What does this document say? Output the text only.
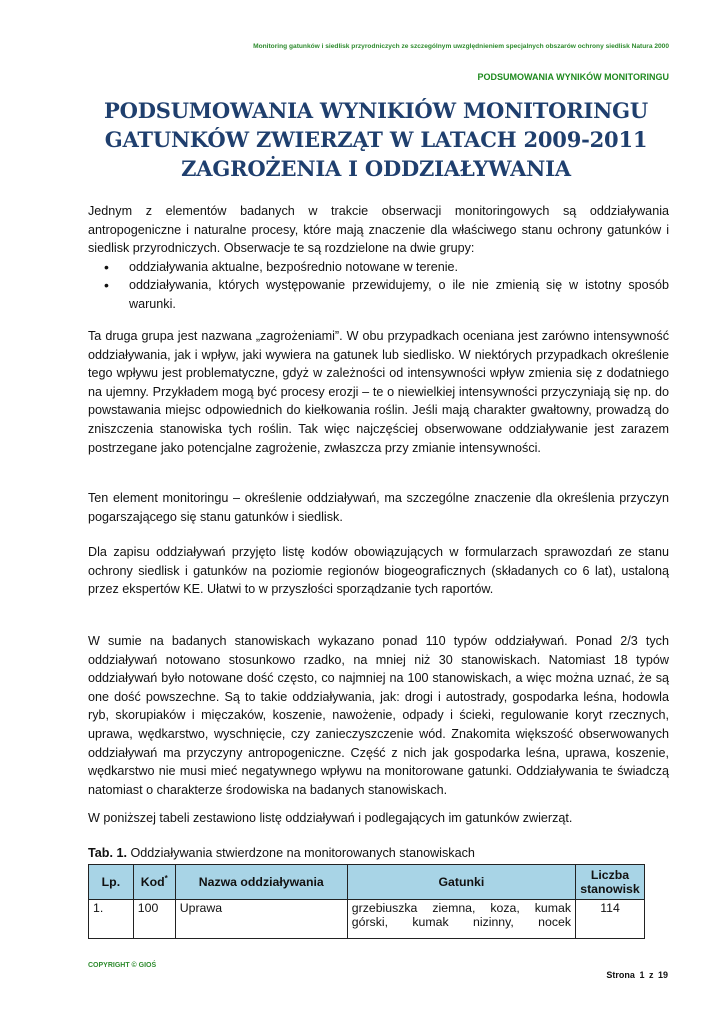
Monitoring gatunków i siedlisk przyrodniczych ze szczególnym uwzględnieniem specjalnych obszarów ochrony siedlisk Natura 2000
PODSUMOWANIA WYNIKÓW MONITORINGU
PODSUMOWANIA WYNIKIÓW MONITORINGU
GATUNKÓW ZWIERZĄT W LATACH 2009-2011
ZAGROŻENIA I ODDZIAŁYWANIA

Jednym z elementów badanych w trakcie obserwacji monitoringowych są oddziaływania antropogeniczne i naturalne procesy, które mają znaczenie dla właściwego stanu ochrony gatunków i siedlisk przyrodniczych. Obserwacje te są rozdzielone na dwie grupy:

• oddziaływania aktualne, bezpośrednio notowane w terenie.
• oddziaływania, których występowanie przewidujemy, o ile nie zmienią się w istotny sposób warunki.

Ta druga grupa jest nazwana „zagrożeniami”. W obu przypadkach oceniana jest zarówno intensywność oddziaływania, jak i wpływ, jaki wywiera na gatunek lub siedlisko. W niektórych przypadkach określenie tego wpływu jest problematyczne, gdyż w zależności od intensywności wpływ zmienia się z dodatniego na ujemny. Przykładem mogą być procesy erozji – te o niewielkiej intensywności przyczyniają się np. do powstawania miejsc odpowiednich do kiełkowania roślin. Jeśli mają charakter gwałtowny, prowadzą do zniszczenia stanowiska tych roślin. Tak więc najczęściej obserwowane oddziaływanie jest zarazem postrzegane jako potencjalne zagrożenie, zwłaszcza przy zmianie intensywności.

Ten element monitoringu – określenie oddziaływań, ma szczególne znaczenie dla określenia przyczyn pogarszającego się stanu gatunków i siedlisk.

Dla zapisu oddziaływań przyjęto listę kodów obowiązujących w formularzach sprawozdań ze stanu ochrony siedlisk i gatunków na poziomie regionów biogeograficznych (składanych co 6 lat), ustaloną przez ekspertów KE. Ułatwi to w przyszłości sporządzanie tych raportów.

W sumie na badanych stanowiskach wykazano ponad 110 typów oddziaływań. Ponad 2/3 tych oddziaływań notowano stosunkowo rzadko, na mniej niż 30 stanowiskach. Natomiast 18 typów oddziaływań było notowane dość często, co najmniej na 100 stanowiskach, a więc można uznać, że są one dość powszechne. Są to takie oddziaływania, jak: drogi i autostrady, gospodarka leśna, hodowla ryb, skorupiaków i mięczaków, koszenie, nawożenie, odpady i ścieki, regulowanie koryt rzecznych, uprawa, wędkarstwo, wyschnięcie, czy zanieczyszczenie wód. Znakomita większość obserwowanych oddziaływań ma przyczyny antropogeniczne. Część z nich jak gospodarka leśna, uprawa, koszenie, wędkarstwo nie musi mieć negatywnego wpływu na monitorowane gatunki. Oddziaływania te świadczą natomiast o charakterze środowiska na badanych stanowiskach.

W poniższej tabeli zestawiono listę oddziaływań i podlegających im gatunków zwierząt.

Tab. 1. Oddziaływania stwierdzone na monitorowanych stanowiskach
Lp.	Kod*	Nazwa oddziaływania	Gatunki	Liczba
stanowisk

1.	100	Uprawa	grzebiuszka ziemna, koza, kumak
górski, kumak nizinny, nocek	114
COPYRIGHT © GIOŚ
Strona 1 z 19
